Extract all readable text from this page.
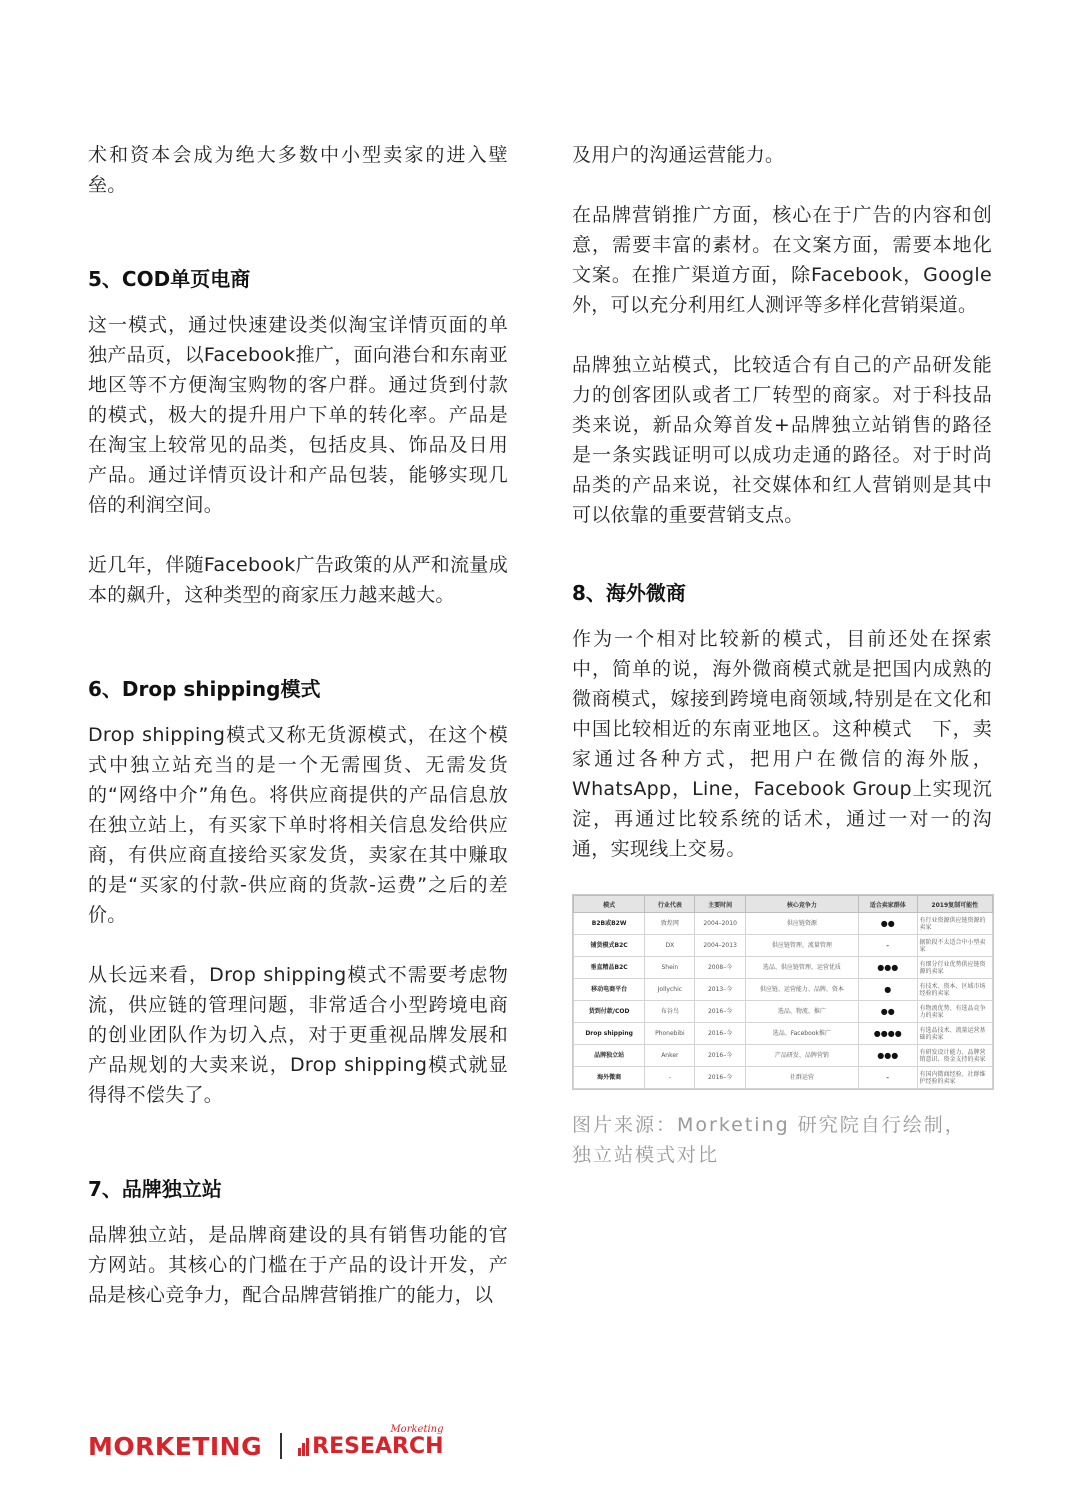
术和资本会成为绝大多数中小型卖家的进入壁垒。

5、COD单页电商

这一模式，通过快速建设类似淘宝详情页面的单独产品页，以Facebook推广，面向港台和东南亚地区等不方便淘宝购物的客户群。通过货到付款的模式，极大的提升用户下单的转化率。产品是在淘宝上较常见的品类，包括皮具、饰品及日用产品。通过详情页设计和产品包装，能够实现几倍的利润空间。

近几年，伴随Facebook广告政策的从严和流量成本的飙升，这种类型的商家压力越来越大。

6、Drop shipping模式

Drop shipping模式又称无货源模式，在这个模式中独立站充当的是一个无需囤货、无需发货的“网络中介”角色。将供应商提供的产品信息放在独立站上，有买家下单时将相关信息发给供应商，有供应商直接给买家发货，卖家在其中赚取的是“买家的付款-供应商的货款-运费”之后的差价。

从长远来看，Drop shipping模式不需要考虑物流，供应链的管理问题，非常适合小型跨境电商的创业团队作为切入点，对于更重视品牌发展和产品规划的大卖来说，Drop shipping模式就显得得不偿失了。

7、品牌独立站

品牌独立站，是品牌商建设的具有销售功能的官方网站。其核心的门槛在于产品的设计开发，产品是核心竞争力，配合品牌营销推广的能力，以

及用户的沟通运营能力。

在品牌营销推广方面，核心在于广告的内容和创意，需要丰富的素材。在文案方面，需要本地化文案。在推广渠道方面，除Facebook，Google外，可以充分利用红人测评等多样化营销渠道。

品牌独立站模式，比较适合有自己的产品研发能力的创客团队或者工厂转型的商家。对于科技品类来说，新品众筹首发+品牌独立站销售的路径是一条实践证明可以成功走通的路径。对于时尚品类的产品来说，社交媒体和红人营销则是其中可以依靠的重要营销支点。

8、海外微商

作为一个相对比较新的模式，目前还处在探索中，简单的说，海外微商模式就是把国内成熟的微商模式，嫁接到跨境电商领域,特别是在文化和中国比较相近的东南亚地区。这种模式　下，卖家通过各种方式，把用户在微信的海外版，WhatsApp，Line，Facebook Group上实现沉淀，再通过比较系统的话术，通过一对一的沟通，实现线上交易。

模式	行业代表	主要时间	核心竞争力	适合卖家群体	2019复制可能性
B2B或B2W	敦煌网	2004–2010	供应链资源	●●	有行业资源供应链资源的卖家
铺货模式B2C	DX	2004–2013	供应链管理、流量管理	-	据阶段不太适合中小型卖家
垂直精品B2C	Shein	2008–今	选品、供应链管理、运营优质	●●●	有细分行业优势供应链资源的卖家
移动电商平台	Jollychic	2013–今	供应链、运营能力、品牌、资本	●	有技术、资本、区域市场经验的卖家
货到付款/COD	布谷鸟	2016–今	选品、物流、推广	●●	有物流优势、有选品竞争力的卖家
Drop shipping	Phonebibi	2016–今	选品、Facebook推广	●●●●	有选品技术、流量运营基础的卖家
品牌独立站	Anker	2016–今	产品研发、品牌营销	●●●	有研发设计能力、品牌营销意识、资金支持的卖家
海外微商	-	2016–今	社群运营	-	有国内微商经验、社群维护经验的卖家
图片来源：Morketing 研究院自行绘制，
独立站模式对比
MORKETING RESEARCH
Morketing
